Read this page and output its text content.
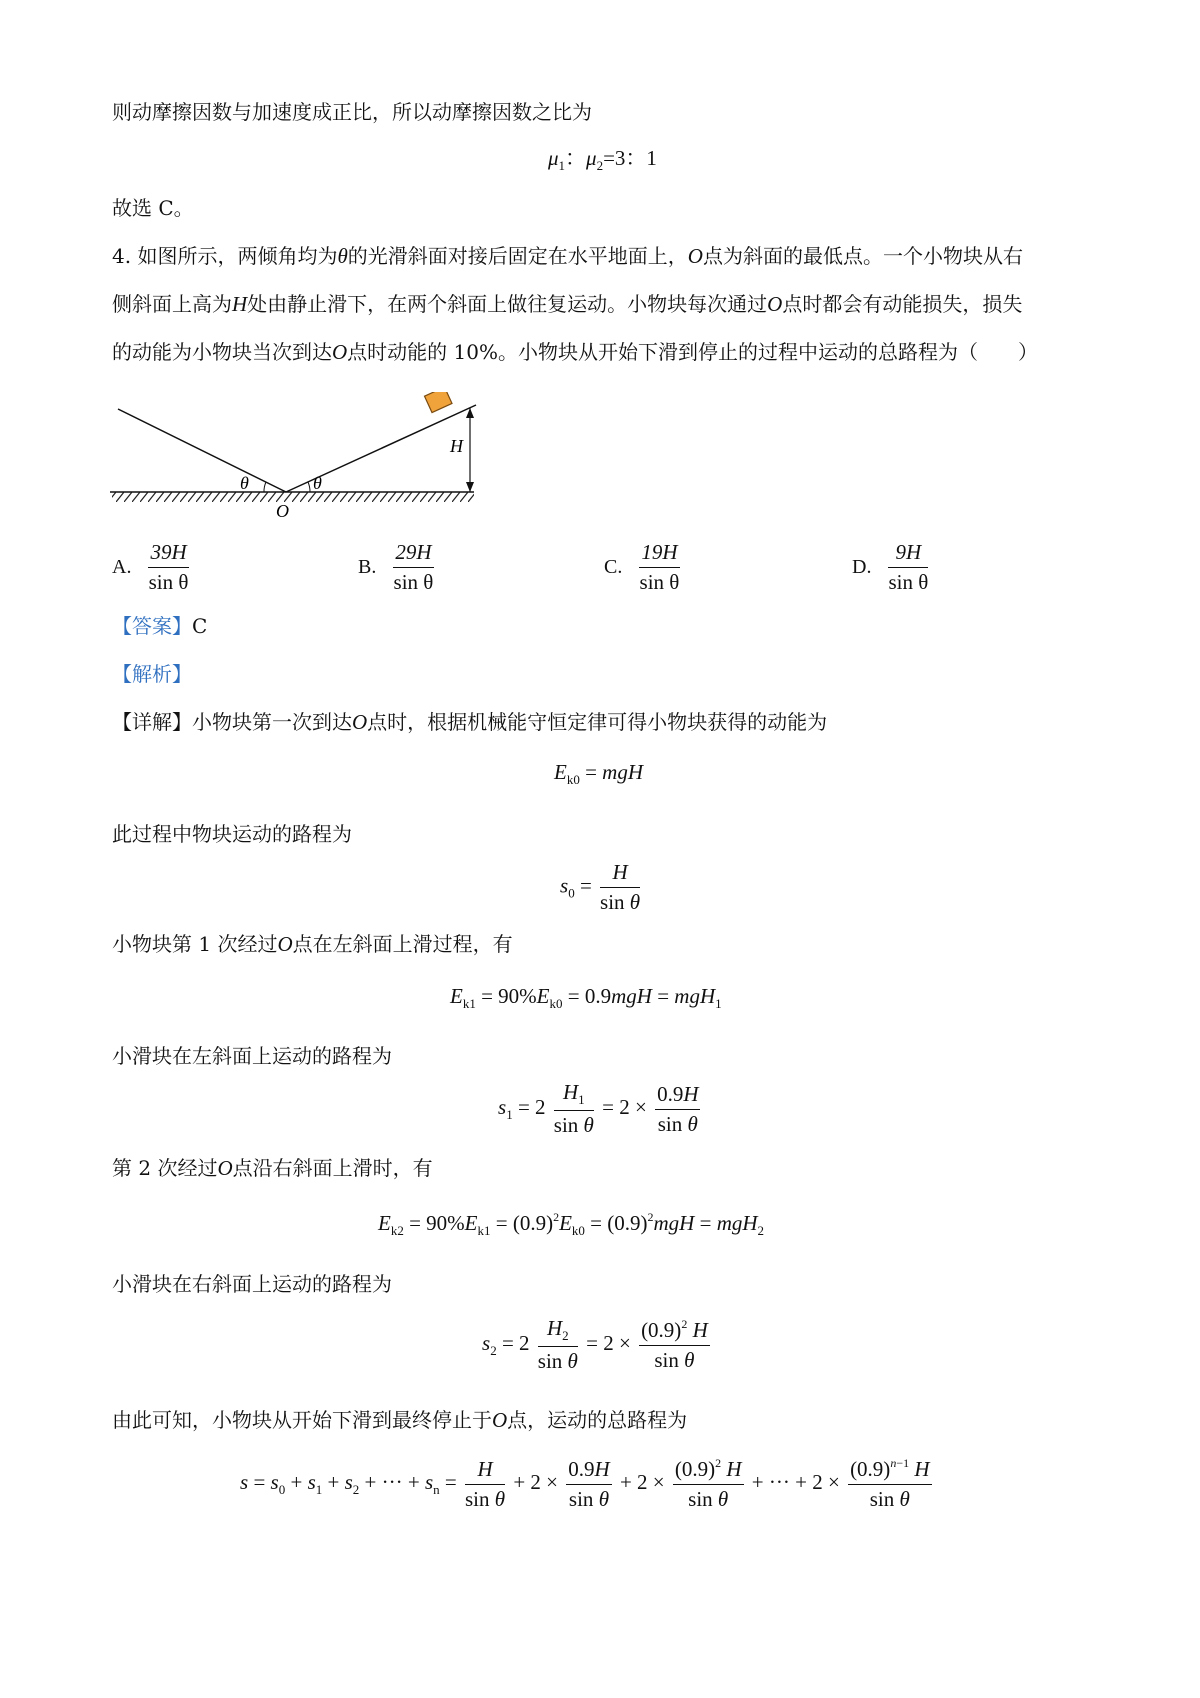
则动摩擦因数与加速度成正比，所以动摩擦因数之比为
$\mu_1$：$\mu_2=3$：1
故选 C。
4. 如图所示，两倾角均为θ的光滑斜面对接后固定在水平地面上，O点为斜面的最低点。一个小物块从右
侧斜面上高为H处由静止滑下，在两个斜面上做往复运动。小物块每次通过O点时都会有动能损失，损失
的动能为小物块当次到达O点时动能的 10%。小物块从开始下滑到停止的过程中运动的总路程为（　　）
θ	θ
O
H
A. $\frac{39H}{\text{sin θ}}$	B. $\frac{29H}{\text{sin θ}}$	C. $\frac{19H}{\text{sin θ}}$	D. $\frac{9H}{\text{sin θ}}$
【答案】C
【解析】
【详解】小物块第一次到达O点时，根据机械能守恒定律可得小物块获得的动能为
$E_{k0}$ = mgH
此过程中物块运动的路程为
$s_0 = \frac{H}{\text{sin θ}}$
小物块第 1 次经过O点在左斜面上滑过程，有
$E_{k1} = 90\%E_{k0} = 0.9mgH = mgH_1$
小滑块在左斜面上运动的路程为
$s_1 = 2 \frac{H_1}{\text{sin θ}} = 2 \times \frac{0.9H}{\text{sin θ}}$
第 2 次经过O点沿右斜面上滑时，有
$E_{k2} = 90\%E_{k1} = (0.9)^2E_{k0} = (0.9)^2mgH = mgH_2$
小滑块在右斜面上运动的路程为
$s_2 = 2 \frac{H_2}{\text{sin θ}} = 2 \times \frac{(0.9)^2 H}{\text{sin θ}}$
由此可知，小物块从开始下滑到最终停止于O点，运动的总路程为
$s = s_0 + s_1 + s_2$ + ··· + $s_n = \frac{H}{\text{sin θ}} + 2 \times \frac{0.9H}{\text{sin θ}} + 2 \times \frac{(0.9)^2 H}{\text{sin θ}}$ + ··· + $2 \times \frac{(0.9)^{n-1} H}{\text{sin θ}}$
